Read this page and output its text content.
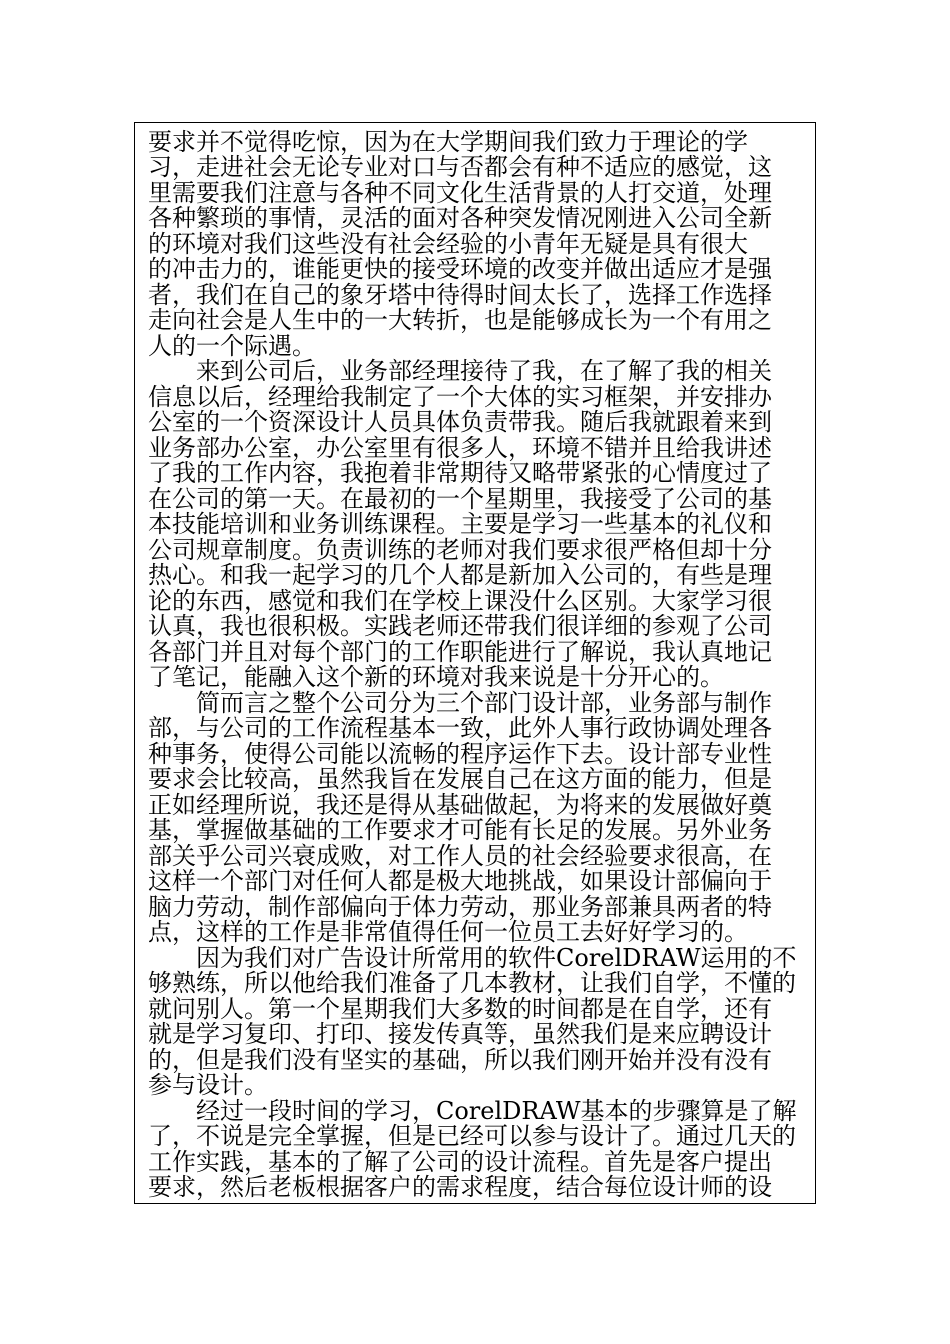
要求并不觉得吃惊，因为在大学期间我们致力于理论的学
习，走进社会无论专业对口与否都会有种不适应的感觉，这
里需要我们注意与各种不同文化生活背景的人打交道，处理
各种繁琐的事情，灵活的面对各种突发情况刚进入公司全新
的环境对我们这些没有社会经验的小青年无疑是具有很大
的冲击力的，谁能更快的接受环境的改变并做出适应才是强
者，我们在自己的象牙塔中待得时间太长了，选择工作选择
走向社会是人生中的一大转折，也是能够成长为一个有用之
人的一个际遇。
　　来到公司后，业务部经理接待了我，在了解了我的相关
信息以后，经理给我制定了一个大体的实习框架，并安排办
公室的一个资深设计人员具体负责带我。随后我就跟着来到
业务部办公室，办公室里有很多人，环境不错并且给我讲述
了我的工作内容，我抱着非常期待又略带紧张的心情度过了
在公司的第一天。在最初的一个星期里，我接受了公司的基
本技能培训和业务训练课程。主要是学习一些基本的礼仪和
公司规章制度。负责训练的老师对我们要求很严格但却十分
热心。和我一起学习的几个人都是新加入公司的，有些是理
论的东西，感觉和我们在学校上课没什么区别。大家学习很
认真，我也很积极。实践老师还带我们很详细的参观了公司
各部门并且对每个部门的工作职能进行了解说，我认真地记
了笔记，能融入这个新的环境对我来说是十分开心的。
　　简而言之整个公司分为三个部门设计部，业务部与制作
部，与公司的工作流程基本一致，此外人事行政协调处理各
种事务，使得公司能以流畅的程序运作下去。设计部专业性
要求会比较高，虽然我旨在发展自己在这方面的能力，但是
正如经理所说，我还是得从基础做起，为将来的发展做好奠
基，掌握做基础的工作要求才可能有长足的发展。另外业务
部关乎公司兴衰成败，对工作人员的社会经验要求很高，在
这样一个部门对任何人都是极大地挑战，如果设计部偏向于
脑力劳动，制作部偏向于体力劳动，那业务部兼具两者的特
点，这样的工作是非常值得任何一位员工去好好学习的。
　　因为我们对广告设计所常用的软件CorelDRAW运用的不
够熟练，所以他给我们准备了几本教材，让我们自学，不懂的
就问别人。第一个星期我们大多数的时间都是在自学，还有
就是学习复印、打印、接发传真等，虽然我们是来应聘设计
的，但是我们没有坚实的基础，所以我们刚开始并没有没有
参与设计。
　　经过一段时间的学习，CorelDRAW基本的步骤算是了解
了，不说是完全掌握，但是已经可以参与设计了。通过几天的
工作实践，基本的了解了公司的设计流程。首先是客户提出
要求，然后老板根据客户的需求程度，结合每位设计师的设
